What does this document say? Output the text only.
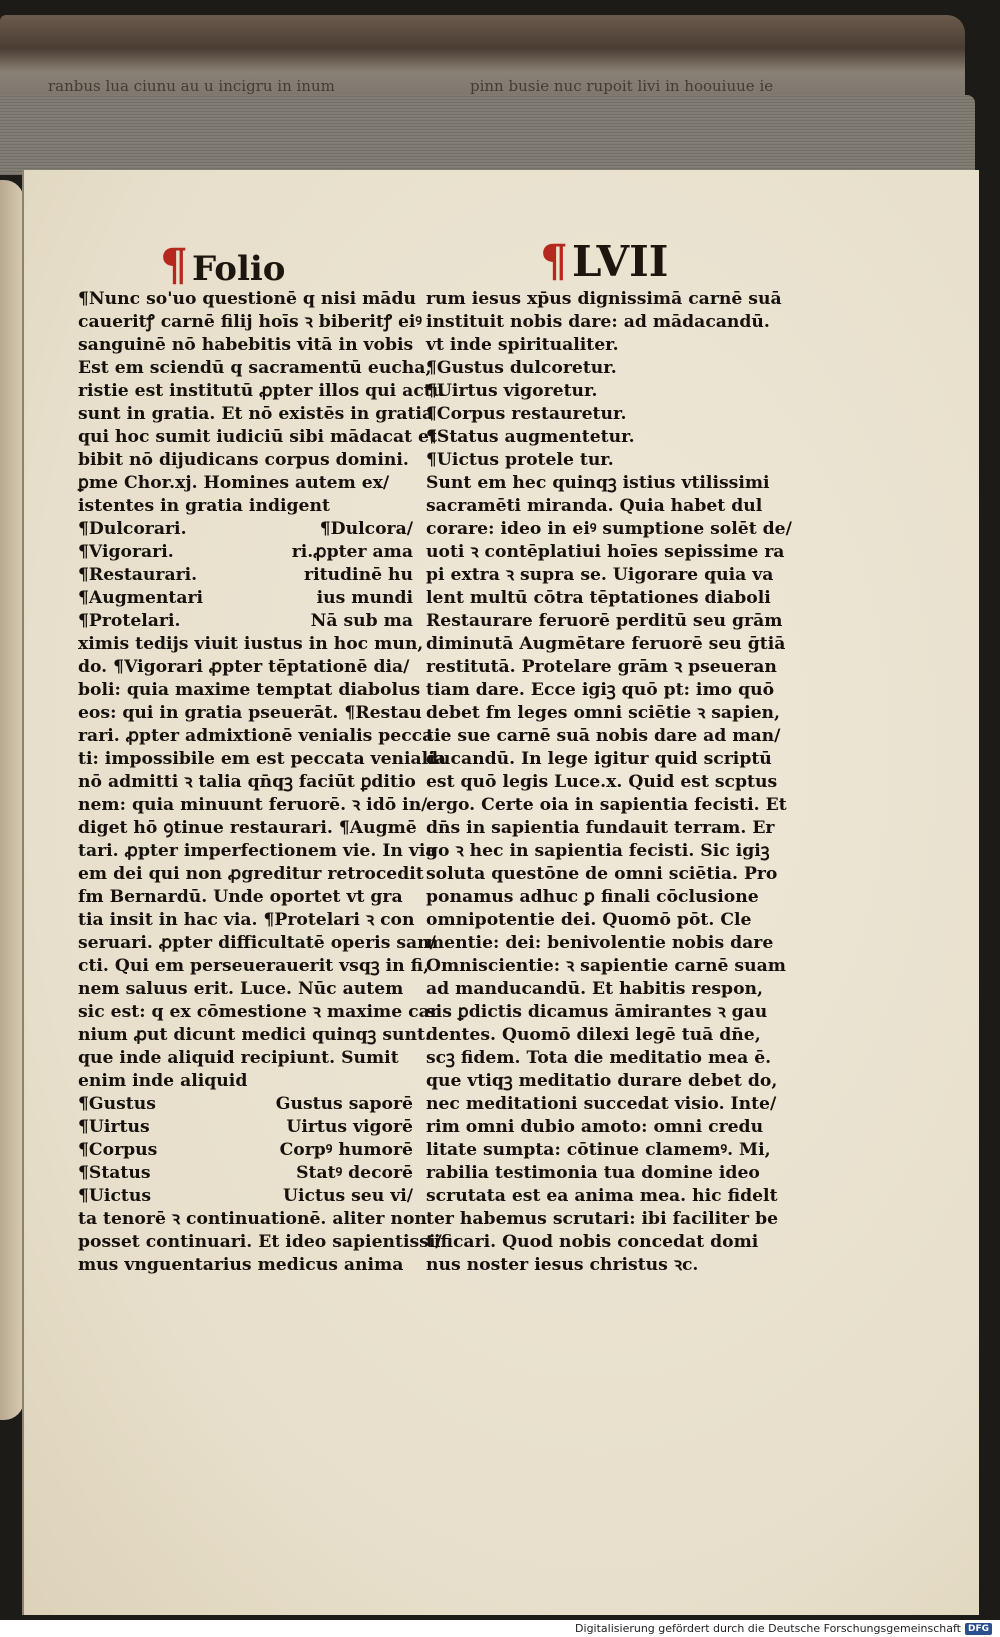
ranbus lua ciunu au u incigru in inum	pinn busie nuc rupoit livi in hoouiuue ie
¶ Folio	¶LVII
¶Nunc so'uo questionē q nisi mādu
caueritꝭ carnē filij hoīs ꝛ biberitꝭ eiꝰ
sanguinē nō habebitis vitā in vobis
Est em sciendū q sacramentū eucha,
ristie est institutū ꝓpter illos qui actu
sunt in gratia. Et nō existēs in gratia
qui hoc sumit iudiciū sibi mādacat et
bibit nō dijudicans corpus domini.
ꝑme Chor.xj. Homines autem ex/
istentes in gratia indigent
¶Dulcorari.	¶Dulcora/
¶Vigorari.	ri.ꝓpter ama
¶Restaurari.	ritudinē hu
¶Augmentari	ius mundi
¶Protelari.	Nā sub ma
ximis tedijs viuit iustus in hoc mun,
do. ¶Vigorari ꝓpter tēptationē dia/
boli: quia maxime temptat diabolus
eos: qui in gratia pseuerāt. ¶Restau
rari. ꝓpter admixtionē venialis pecca
ti: impossibile em est peccata venialia
nō admitti ꝛ talia qn̄qꝫ faciūt ꝑditio
nem: quia minuunt feruorē. ꝛ idō in/
diget hō ꝯtinue restaurari. ¶Augmē
tari. ꝓpter imperfectionem vie. In via
em dei qui non ꝓgreditur retrocedit
fm Bernardū. Unde oportet vt gra
tia insit in hac via. ¶Protelari ꝛ con
seruari. ꝓpter difficultatē operis san/
cti. Qui em perseuerauerit vsqꝫ in fi,
nem saluus erit. Luce. Nūc autem
sic est: q ex cōmestione ꝛ maxime car
nium ꝓut dicunt medici quinqꝫ sunt.
que inde aliquid recipiunt. Sumit
enim inde aliquid
¶Gustus	Gustus saporē
¶Uirtus	Uirtus vigorē
¶Corpus	Corpꝰ humorē
¶Status	Statꝰ decorē
¶Uictus	Uictus seu vi/
ta tenorē ꝛ continuationē. aliter non
posset continuari. Et ideo sapientissi/
mus vnguentarius medicus anima
rum iesus xp̄us dignissimā carnē suā
instituit nobis dare: ad mādacandū.
vt inde spiritualiter.
¶Gustus dulcoretur.
¶Uirtus vigoretur.
¶Corpus restauretur.
¶Status augmentetur.
¶Uictus protele tur.
Sunt em hec quinqꝫ istius vtilissimi
sacramēti miranda. Quia habet dul
corare: ideo in eiꝰ sumptione solēt de/
uoti ꝛ contēplatiui hoīes sepissime ra
pi extra ꝛ supra se. Uigorare quia va
lent multū cōtra tēptationes diaboli
Restaurare feruorē perditū seu grām
diminutā Augmētare feruorē seu ḡtiā
restitutā. Protelare grām ꝛ pseueran
tiam dare. Ecce igiꝫ quō pt: imo quō
debet fm leges omni sciētie ꝛ sapien,
tie sue carnē suā nobis dare ad man/
ducandū. In lege igitur quid scriptū
est quō legis Luce.x. Quid est scptus
ergo. Certe oia in sapientia fecisti. Et
dn̄s in sapientia fundauit terram. Er
go ꝛ hec in sapientia fecisti. Sic igiꝫ
soluta questōne de omni sciētia. Pro
ponamus adhuc ꝑ finali cōclusione
omnipotentie dei. Quomō pōt. Cle
mentie: dei: benivolentie nobis dare
Omniscientie: ꝛ sapientie carnē suam
ad manducandū. Et habitis respon,
sis ꝑdictis dicamus āmirantes ꝛ gau
dentes. Quomō dilexi legē tuā dn̄e,
scꝫ fidem. Tota die meditatio mea ē.
que vtiqꝫ meditatio durare debet do,
nec meditationi succedat visio. Inte/
rim omni dubio amoto: omni credu
litate sumpta: cōtinue clamemꝰ. Mi,
rabilia testimonia tua domine ideo
scrutata est ea anima mea. hic fidelt
ter habemus scrutari: ibi faciliter be
tificari. Quod nobis concedat domi
nus noster iesus christus ꝛc.
Digitalisierung gefördert durch die Deutsche Forschungsgemeinschaft DFG
